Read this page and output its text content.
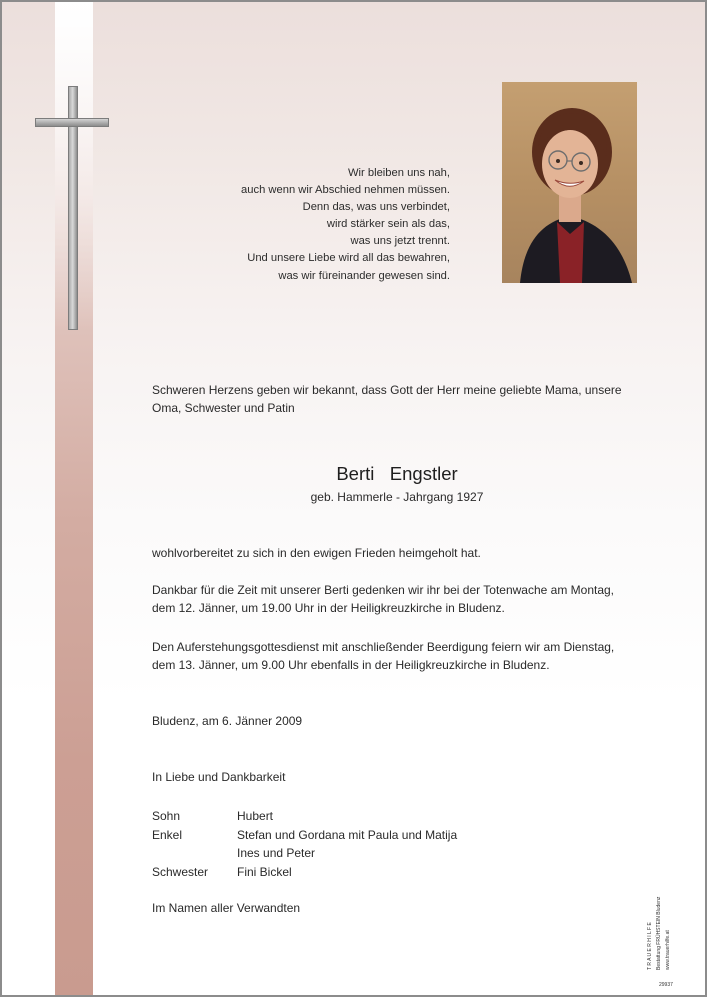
Wir bleiben uns nah,
auch wenn wir Abschied nehmen müssen.
Denn das, was uns verbindet,
wird stärker sein als das,
was uns jetzt trennt.
Und unsere Liebe wird all das bewahren,
was wir füreinander gewesen sind.
Schweren Herzens geben wir bekannt, dass Gott der Herr meine geliebte Mama, unsere
Oma, Schwester und Patin
Berti   Engstler
geb. Hammerle - Jahrgang 1927
wohlvorbereitet zu sich in den ewigen Frieden heimgeholt hat.
Dankbar für die Zeit mit unserer Berti gedenken wir ihr bei der Totenwache am Montag,
dem 12. Jänner, um 19.00 Uhr in der Heiligkreuzkirche in Bludenz.
Den Auferstehungsgottesdienst mit anschließender Beerdigung feiern wir am Dienstag,
dem 13. Jänner, um 9.00 Uhr ebenfalls in der Heiligkreuzkirche in Bludenz.
Bludenz, am 6. Jänner 2009
In Liebe und Dankbarkeit
Sohn	Hubert
Enkel	Stefan und Gordana mit Paula und Matija
Ines und Peter
Schwester	Fini Bickel
Im Namen aller Verwandten
T R A U E R H I L F E Bestattung FRÜHSTEIN Bludenz www.trauerhilfe.at
29937
